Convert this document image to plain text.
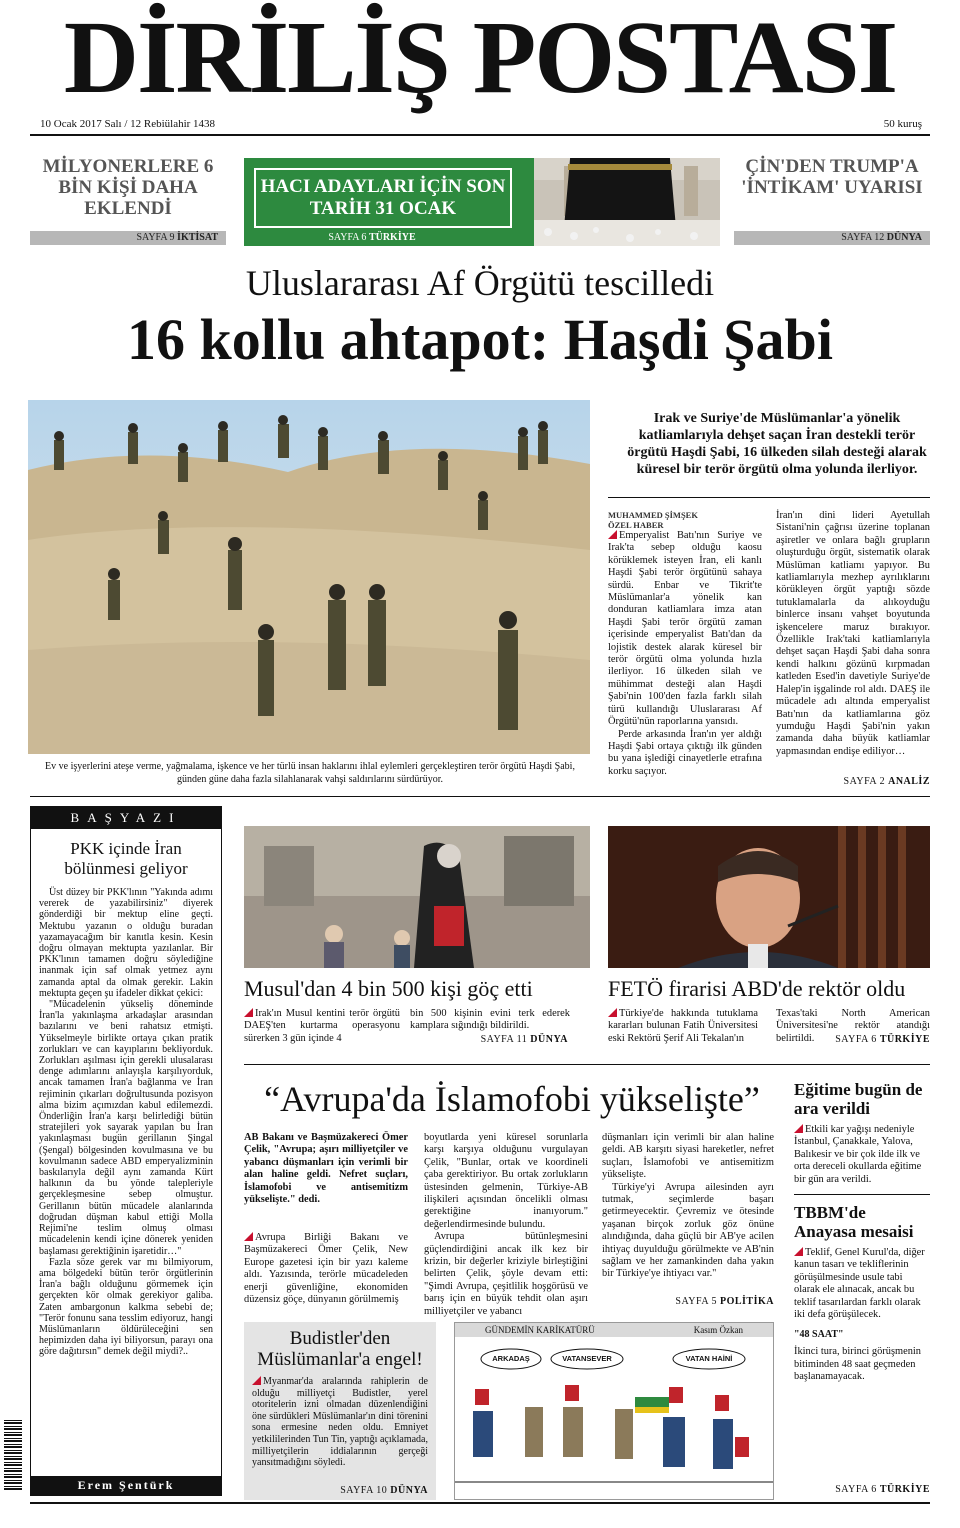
DİRİLİŞ POSTASI
10 Ocak 2017 Salı / 12 Rebiülahir 1438	50 kuruş
MİLYONERLERE 6 BİN KİŞİ DAHA EKLENDİ
SAYFA 9 İKTİSAT
HACI ADAYLARI İÇİN SON TARİH 31 OCAK
SAYFA 6 TÜRKİYE
ÇİN'DEN TRUMP'A 'İNTİKAM' UYARISI
SAYFA 12 DÜNYA
Uluslararası Af Örgütü tescilledi
16 kollu ahtapot: Haşdi Şabi
Ev ve işyerlerini ateşe verme, yağmalama, işkence ve her türlü insan haklarını ihlal eylemleri gerçekleştiren terör örgütü Haşdi Şabi, günden güne daha fazla silahlanarak vahşi saldırılarını sürdürüyor.
Irak ve Suriye'de Müslümanlar'a yönelik katliamlarıyla dehşet saçan İran destekli terör örgütü Haşdi Şabi, 16 ülkeden silah desteği alarak küresel bir terör örgütü olma yolunda ilerliyor.
MUHAMMED ŞİMŞEK
ÖZEL HABER

Emperyalist Batı'nın Suriye ve Irak'ta sebep olduğu kaosu körüklemek isteyen İran, eli kanlı Haşdi Şabi terör örgütünü sahaya sürdü. Enbar ve Tikrit'te Müslümanlar'a yönelik kan donduran katliamlara imza atan Haşdi Şabi terör örgütü zaman içerisinde emperyalist Batı'dan da lojistik destek alarak küresel bir terör örgütü olma yolunda hızla ilerliyor. 16 ülkeden silah ve mühimmat desteği alan Haşdi Şabi'nin 100'den fazla farklı silah türü kullandığı Uluslararası Af Örgütü'nün raporlarına yansıdı.

Perde arkasında İran'ın yer aldığı Haşdi Şabi ortaya çıktığı ilk günden bu yana işlediği cinayetlerle etrafına korku saçıyor.

İran'ın dini lideri Ayetullah Sistani'nin çağrısı üzerine toplanan aşiretler ve onlara bağlı grupların oluşturduğu örgüt, sistematik olarak Müslüman katliamı yapıyor. Bu katliamlarıyla mezhep ayrılıklarını körükleyen örgüt yaptığı sözde tutuklamalarla da alıkoyduğu binlerce insanı vahşet boyutunda işkencelere maruz bırakıyor. Özellikle Irak'taki katliamlarıyla dehşet saçan Haşdi Şabi daha sonra kendi halkını gözünü kırpmadan katleden Esed'in davetiyle Suriye'de Halep'in işgalinde rol aldı. DAEŞ ile mücadele adı altında emperyalist Batı'nın da katliamlarına göz yumduğu Haşdi Şabi'nin yakın zamanda daha büyük katliamlar yapmasından endişe ediliyor…

SAYFA 2 ANALİZ
BAŞYAZI
PKK içinde İran bölünmesi geliyor

Üst düzey bir PKK'lının "Yakında adımı vererek de yazabilirsiniz" diyerek gönderdiği bir mektup eline geçti. Mektubu yazanın o olduğu buradan yazamayacağım bir kanıtla kesin. Kesin doğru olmayan mektupta yazılanlar. Bir PKK'lının tamamen doğru söylediğine inanmak için saf olmak yetmez aynı zamanda aptal da olmak gerekir. Lakin mektupta geçen şu ifadeler dikkat çekici:

"Mücadelenin yükseliş döneminde İran'la yakınlaşma arkadaşlar arasından bazılarını ve beni rahatsız etmişti. Yükselmeyle birlikte ortaya çıkan pratik zorlukları ve can kayıplarını bekliyorduk. Zorlukları aşılması için gerekli ulusalarası denge adımlarını anlayışla karşılıyorduk, ancak tamamen İran'a bağlanma ve İran rejiminin çıkarları doğrultusunda pozisyon alma bizim açımızdan kabul edilemezdi. Önderliğin İran'a karşı belirlediği bütün stratejileri yok sayarak yapılan bu İran yakınlaşması bugün gerillanın Şingal (Şengal) bölgesinden kovulmasına ve bu kovulmanın sadece ABD emperyalizminin baskılarıyla değil aynı zamanda Kürt halkının da bu yönde talepleriyle gerçekleşmesine sebep olmuştur. Gerillanın bütün mücadele alanlarında doğrudan düşman kabul ettiği Molla Rejimi'ne teslim olmuş olması mücadelenin kendi içine dönerek yeniden başlaması gerektiğinin işaretidir…"

Fazla söze gerek var mı bilmiyorum, ama bölgedeki bütün terör örgütlerinin İran'a bağlı olduğunu görmemek için gerçekten kör olmak gerekiyor galiba. Zaten ambargonun kalkma sebebi de; "Terör fonunu sana tesslim ediyoruz, hangi Müslümanların öldürüleceğini sen hepimizden daha iyi biliyorsun, parayı ona göre dağıtırsın" demek değil miydi?..

Erem Şentürk
Musul'dan 4 bin 500 kişi göç etti
Irak'ın Musul kentini terör örgütü DAEŞ'ten kurtarma operasyonu sürerken 3 gün içinde 4
bin 500 kişinin evini terk ederek kamplara sığındığı bildirildi.
SAYFA 11 DÜNYA
FETÖ firarisi ABD'de rektör oldu
Türkiye'de hakkında tutuklama kararları bulunan Fatih Üniversitesi eski Rektörü Şerif Ali Tekalan'ın
Texas'taki North American Üniversitesi'ne rektör atandığı belirtildi.	SAYFA 6 TÜRKİYE
“Avrupa'da İslamofobi yükselişte”
AB Bakanı ve Başmüzakereci Ömer Çelik, "Avrupa; aşırı milliyetçiler ve yabancı düşmanları için verimli bir alan haline geldi. Nefret suçları, İslamofobi ve antisemitizm yükselişte." dedi.
Avrupa Birliği Bakanı ve Başmüzakereci Ömer Çelik, New Europe gazetesi için bir yazı kaleme aldı. Yazısında, terörle mücadeleden enerji güvenliğine, ekonomiden düzensiz göçe, dünyanın görülmemiş

boyutlarda yeni küresel sorunlarla karşı karşıya olduğunu vurgulayan Çelik, "Bunlar, ortak ve koordineli çaba gerektiriyor. Bu ortak zorlukların üstesinden gelmenin, Türkiye-AB ilişkileri açısından öncelikli olması gerektiğine inanıyorum." değerlendirmesinde bulundu.

Avrupa bütünleşmesini güçlendirdiğini ancak ilk kez bir krizin, bir değerler kriziyle birleştiğini belirten Çelik, şöyle devam etti: "Şimdi Avrupa, çeşitlilik hoşgörüsü ve barış için en büyük tehdit olan aşırı milliyetçiler ve yabancı

düşmanları için verimli bir alan haline geldi. AB karşıtı siyasi hareketler, nefret suçları, İslamofobi ve antisemitizm yükselişte.

Türkiye'yi Avrupa ailesinden ayrı tutmak, seçimlerde başarı getirmeyecektir. Çevremiz ve ötesinde yaşanan birçok zorluk göz önüne alındığında, daha güçlü bir AB'ye acilen ihtiyaç duyulduğu görülmekte ve AB'nin sağlam ve her zamankinden daha yakın bir Türkiye'ye ihtiyacı var."

SAYFA 5 POLİTİKA
Budistler'den Müslümanlar'a engel!
Myanmar'da aralarında rahiplerin de olduğu milliyetçi Budistler, yerel otoritelerin izni olmadan düzenlendiğini öne sürdükleri Müslümanlar'ın dini törenini sona ermesine neden oldu. Emniyet yetkililerinden Tun Tin, yaptığı açıklamada, milliyetçilerin iddialarının gerçeği yansıtmadığını söyledi.
SAYFA 10 DÜNYA
GÜNDEMİN KARİKATÜRÜ	Kasım Özkan
ARKADAŞ	VATANSEVER	VATAN HAİNİ
Eğitime bugün de ara verildi
Etkili kar yağışı nedeniyle İstanbul, Çanakkale, Yalova, Balıkesir ve bir çok ilde ilk ve orta dereceli okullarda eğitime bir gün ara verildi.
TBBM'de Anayasa mesaisi
Teklif, Genel Kurul'da, diğer kanun tasarı ve tekliflerinin görüşülmesinde usule tabi olarak ele alınacak, ancak bu teklif tasarılardan farklı olarak iki defa görüşülecek.
"48 SAAT"
İkinci tura, birinci görüşmenin bitiminden 48 saat geçmeden başlanamayacak.
SAYFA 6 TÜRKİYE
